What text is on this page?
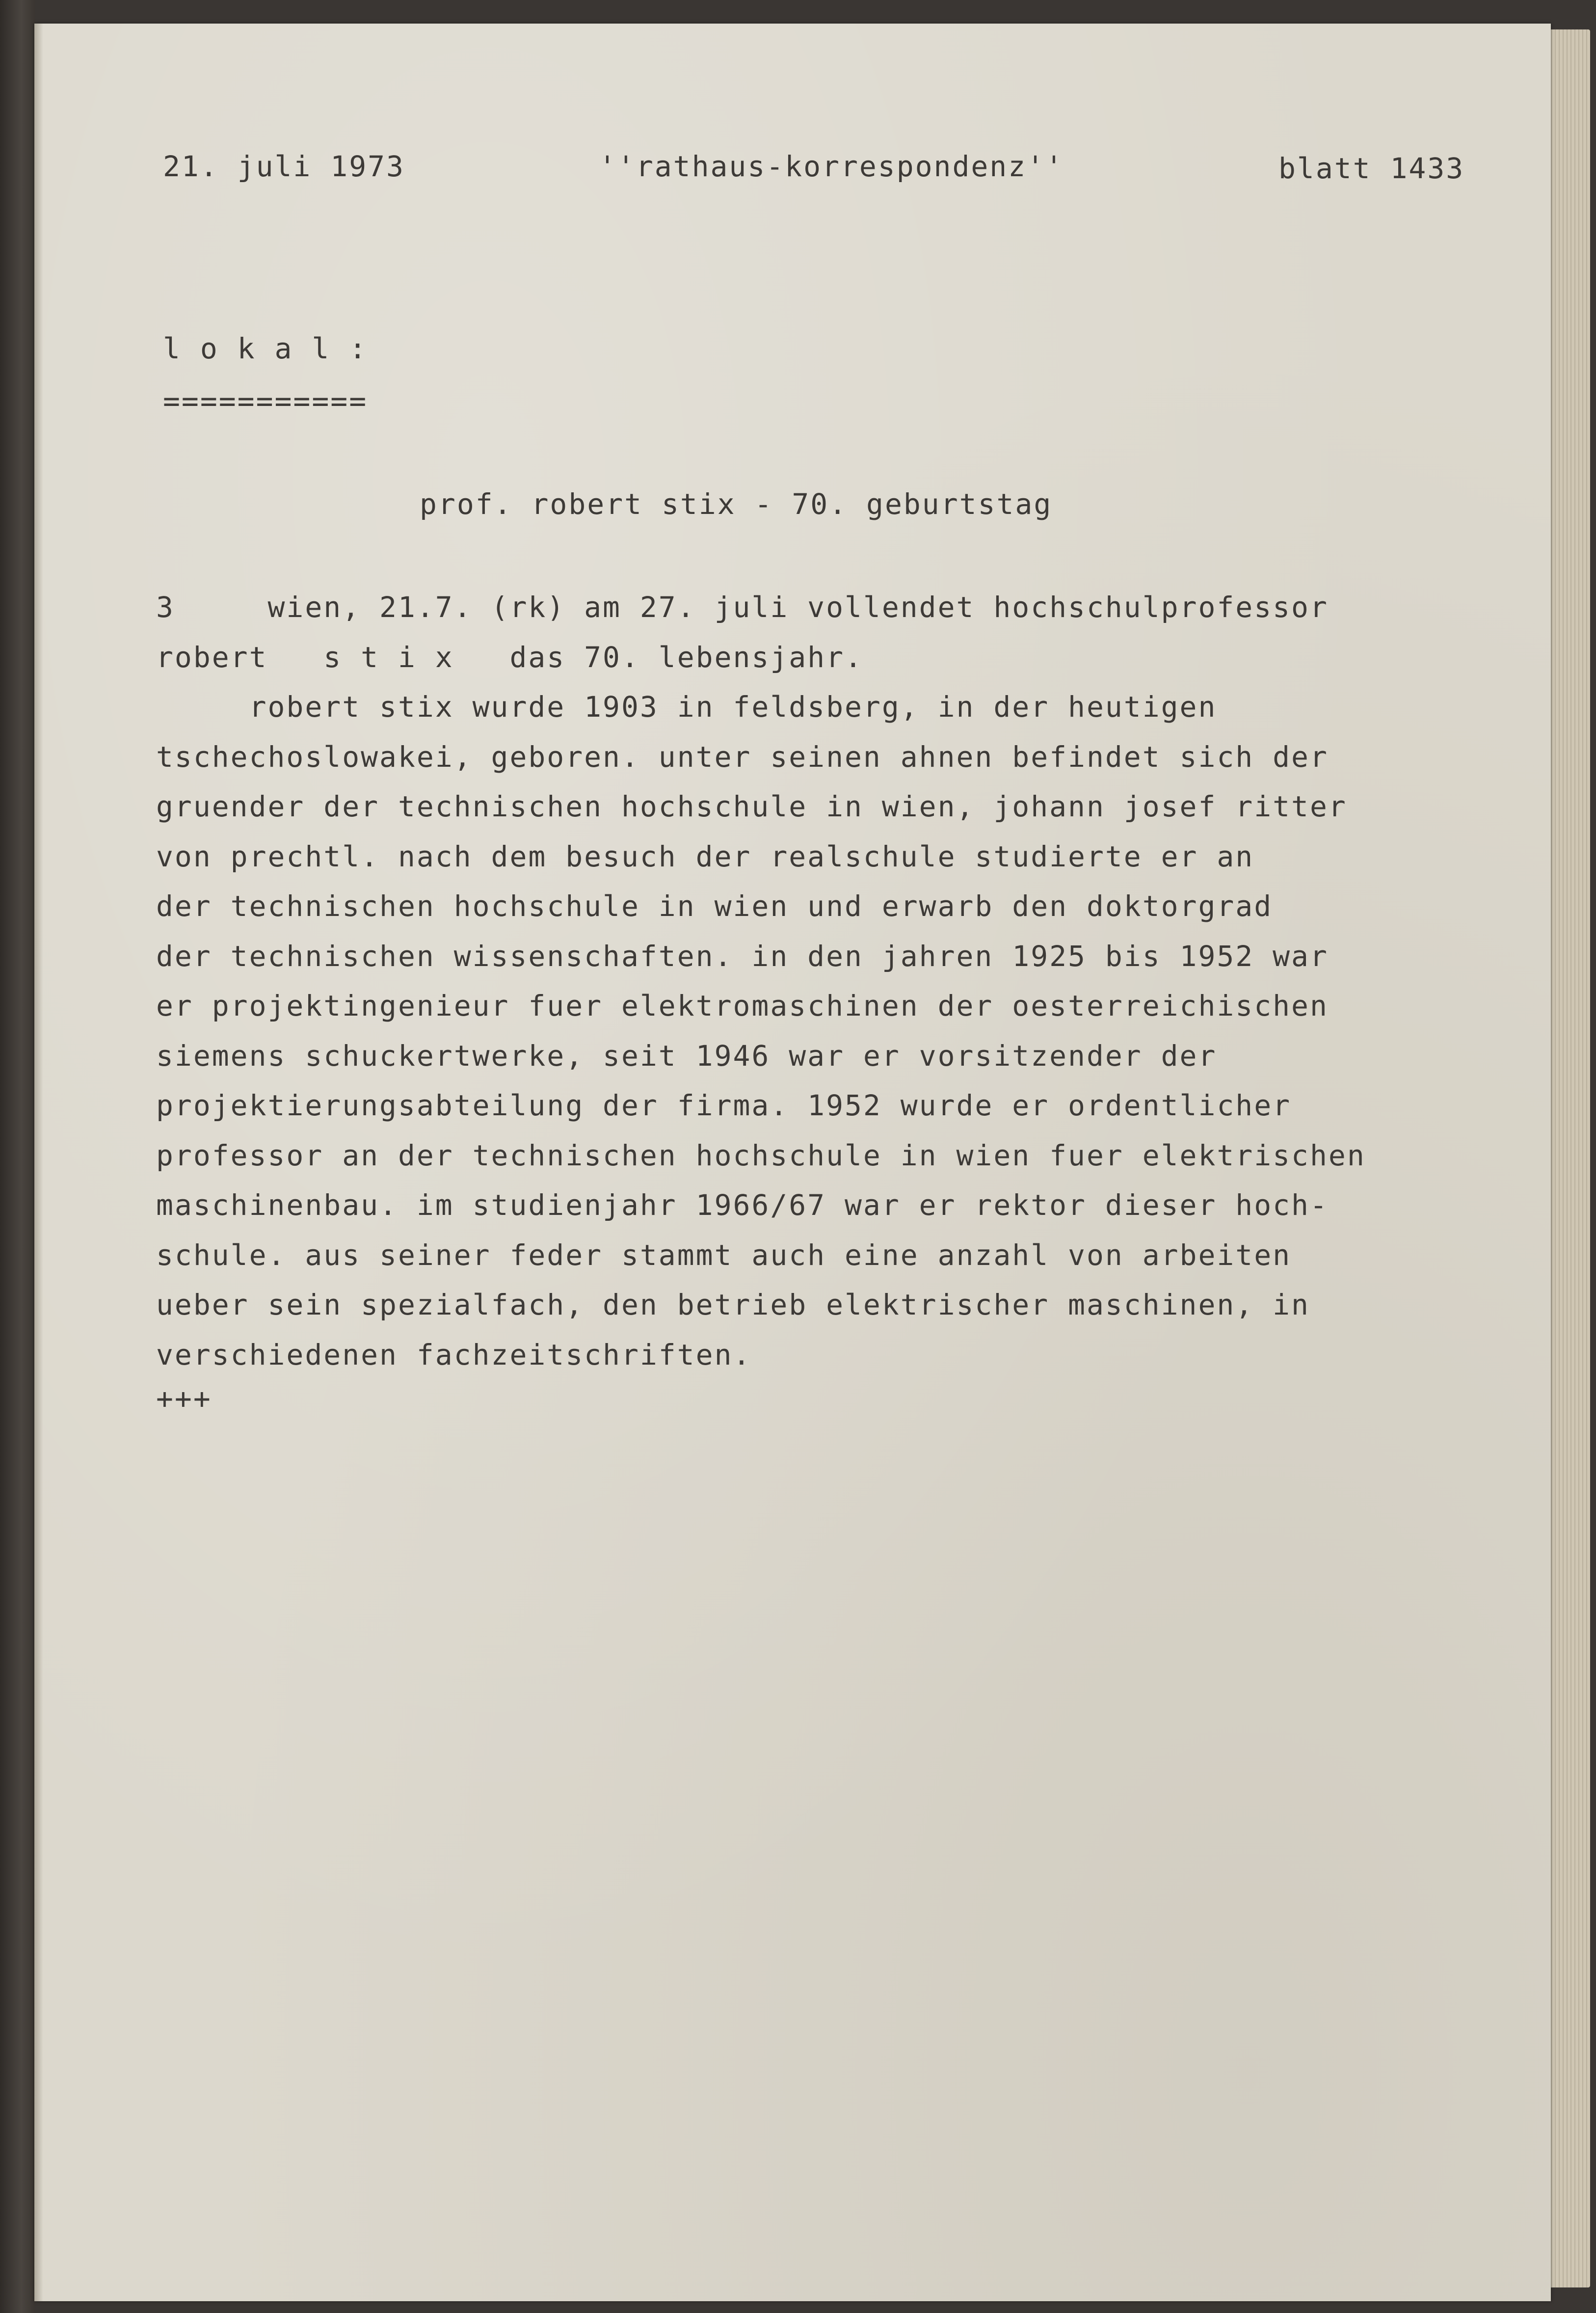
21. juli 1973	''rathaus-korrespondenz''	blatt 1433
l o k a l :
===========
prof. robert stix - 70. geburtstag
3     wien, 21.7. (rk) am 27. juli vollendet hochschulprofessor
robert   s t i x   das 70. lebensjahr.
robert stix wurde 1903 in feldsberg, in der heutigen
tschechoslowakei, geboren. unter seinen ahnen befindet sich der
gruender der technischen hochschule in wien, johann josef ritter
von prechtl. nach dem besuch der realschule studierte er an
der technischen hochschule in wien und erwarb den doktorgrad
der technischen wissenschaften. in den jahren 1925 bis 1952 war
er projektingenieur fuer elektromaschinen der oesterreichischen
siemens schuckertwerke, seit 1946 war er vorsitzender der
projektierungsabteilung der firma. 1952 wurde er ordentlicher
professor an der technischen hochschule in wien fuer elektrischen
maschinenbau. im studienjahr 1966/67 war er rektor dieser hoch-
schule. aus seiner feder stammt auch eine anzahl von arbeiten
ueber sein spezialfach, den betrieb elektrischer maschinen, in
verschiedenen fachzeitschriften.
+++
